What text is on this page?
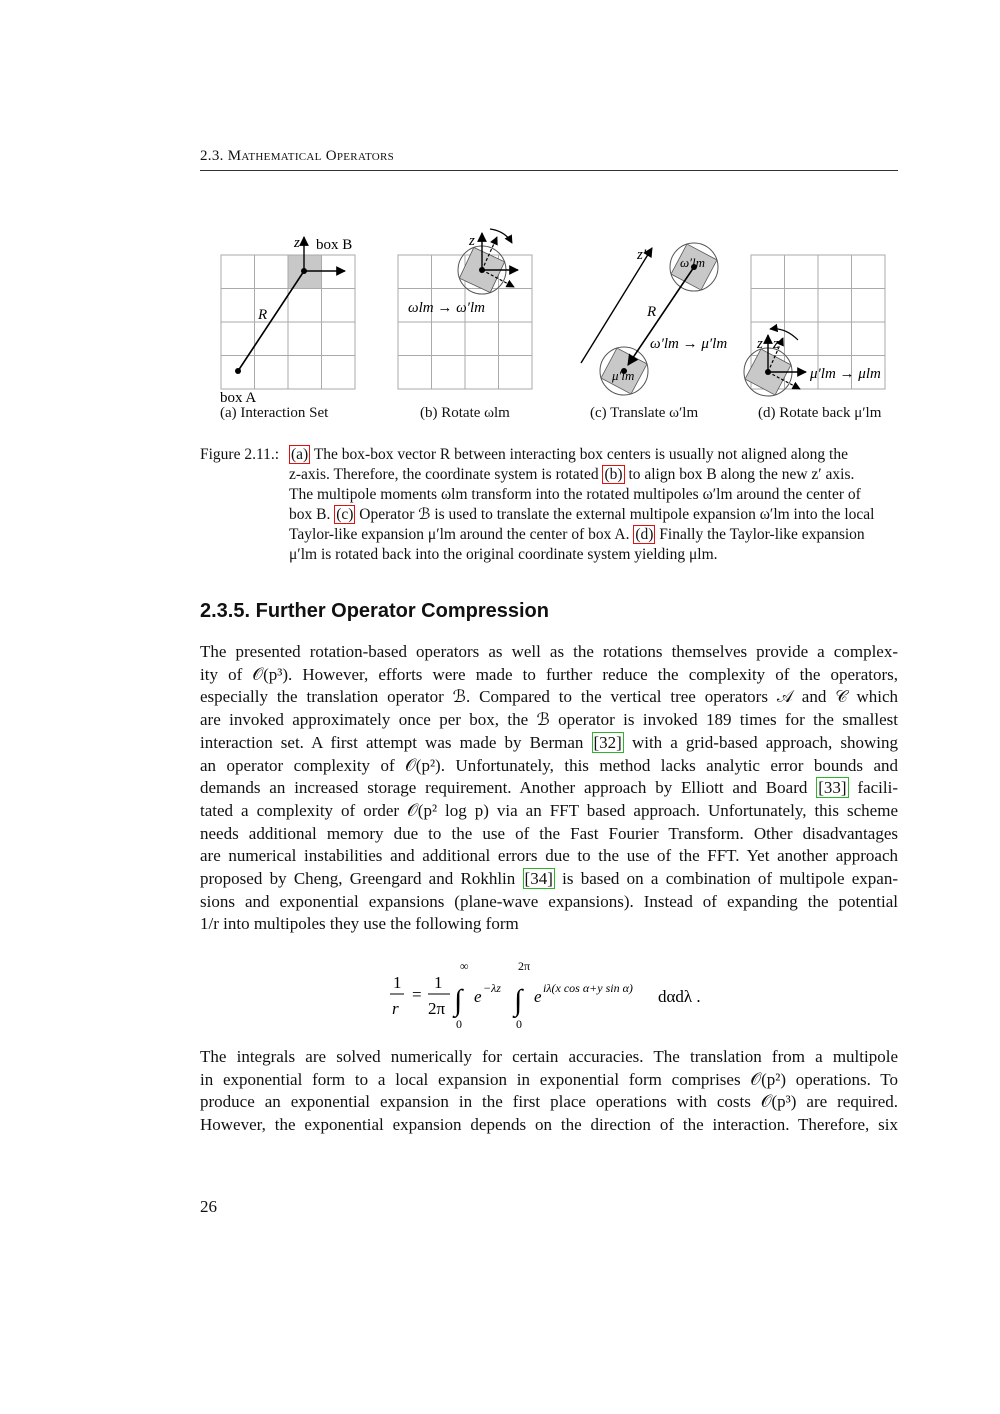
2.3. Mathematical Operators
z
R
z
z′
R
ω′lm
μ′lm
z z′
box B
box A
ωlm → ω′lm
ω′lm → μ′lm
μ′lm → μlm
(a) Interaction Set	(b) Rotate ωlm	(c) Translate ω′lm	(d) Rotate back μ′lm
Figure 2.11.: (a) The box-box vector R between interacting box centers is usually not aligned along the
z-axis. Therefore, the coordinate system is rotated (b) to align box B along the new z′ axis.
The multipole moments ωlm transform into the rotated multipoles ω′lm around the center of
box B. (c) Operator ℬ is used to translate the external multipole expansion ω′lm into the local
Taylor-like expansion μ′lm around the center of box A. (d) Finally the Taylor-like expansion
μ′lm is rotated back into the original coordinate system yielding μlm.
2.3.5. Further Operator Compression
The presented rotation-based operators as well as the rotations themselves provide a complex-
ity of 𝒪(p³). However, efforts were made to further reduce the complexity of the operators,
especially the translation operator ℬ. Compared to the vertical tree operators 𝒜 and 𝒞 which
are invoked approximately once per box, the ℬ operator is invoked 189 times for the smallest
interaction set. A first attempt was made by Berman [32] with a grid-based approach, showing
an operator complexity of 𝒪(p²). Unfortunately, this method lacks analytic error bounds and
demands an increased storage requirement. Another approach by Elliott and Board [33] facili-
tated a complexity of order 𝒪(p² log p) via an FFT based approach. Unfortunately, this scheme
needs additional memory due to the use of the Fast Fourier Transform. Other disadvantages
are numerical instabilities and additional errors due to the use of the FFT. Yet another approach
proposed by Cheng, Greengard and Rokhlin [34] is based on a combination of multipole expan-
sions and exponential expansions (plane-wave expansions). Instead of expanding the potential
1/r into multipoles they use the following form
1
r
=
1
2π
∞
∫
0
e −λz
2π
∫
0
e iλ(x cos α+y sin α) dαdλ .
The integrals are solved numerically for certain accuracies. The translation from a multipole
in exponential form to a local expansion in exponential form comprises 𝒪(p²) operations. To
produce an exponential expansion in the first place operations with costs 𝒪(p³) are required.
However, the exponential expansion depends on the direction of the interaction. Therefore, six
26
